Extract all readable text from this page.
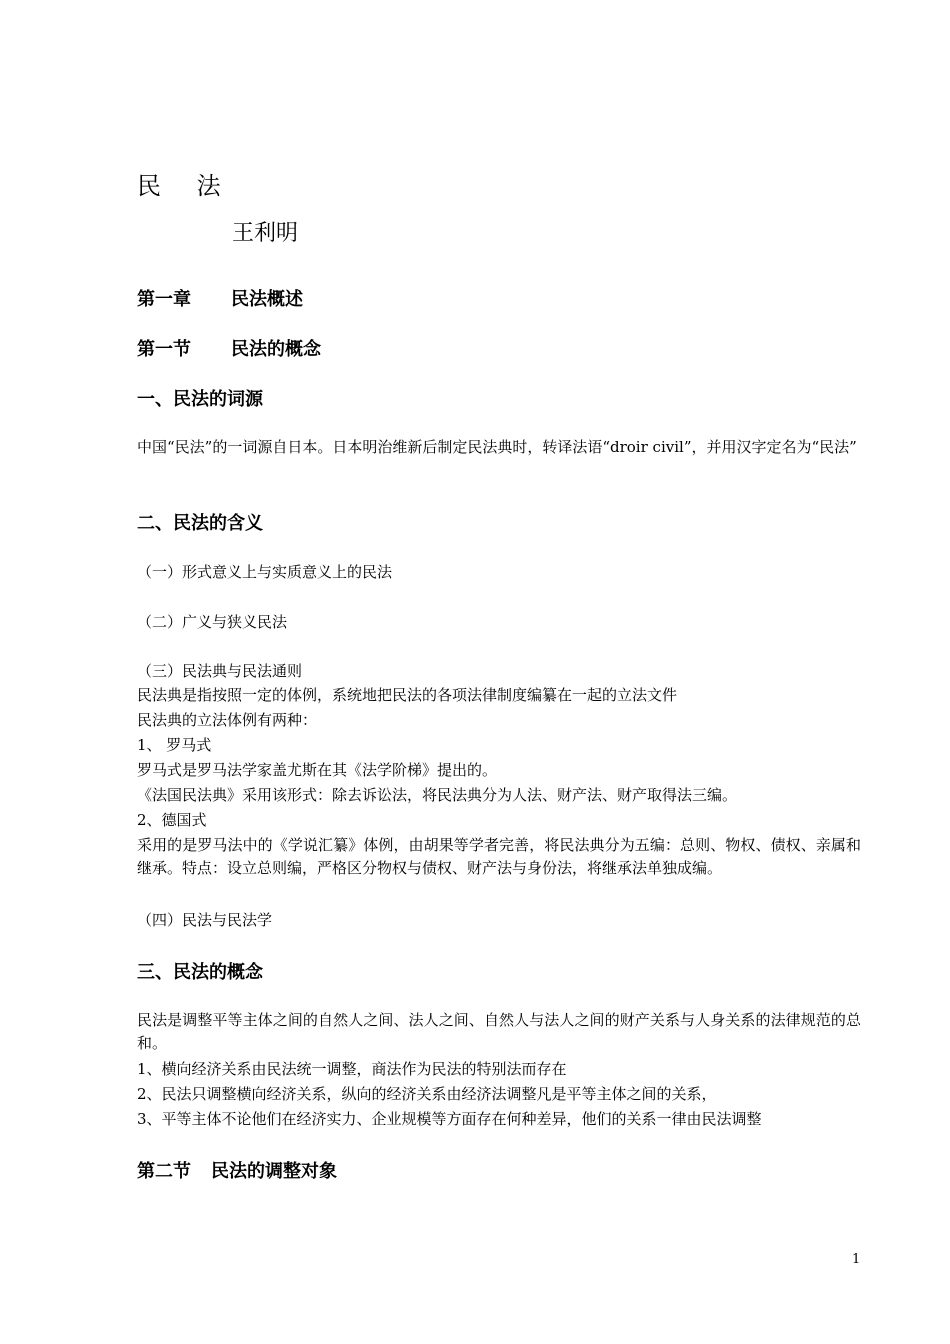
民 法
王利明
第一章 民法概述
第一节 民法的概念
一、民法的词源

中国“民法”的一词源自日本。日本明治维新后制定民法典时，转译法语“droir civil”，并用汉字定名为“民法”

二、民法的含义
（一）形式意义上与实质意义上的民法
（二）广义与狭义民法
（三）民法典与民法通则
民法典是指按照一定的体例，系统地把民法的各项法律制度编纂在一起的立法文件
民法典的立法体例有两种：
1、 罗马式
罗马式是罗马法学家盖尤斯在其《法学阶梯》提出的。
《法国民法典》采用该形式：除去诉讼法，将民法典分为人法、财产法、财产取得法三编。
2、德国式

采用的是罗马法中的《学说汇纂》体例，由胡果等学者完善，将民法典分为五编：总则、物权、债权、亲属和继承。特点：设立总则编，严格区分物权与债权、财产法与身份法，将继承法单独成编。

（四）民法与民法学
三、民法的概念

民法是调整平等主体之间的自然人之间、法人之间、自然人与法人之间的财产关系与人身关系的法律规范的总和。

1、横向经济关系由民法统一调整，商法作为民法的特别法而存在
2、民法只调整横向经济关系，纵向的经济关系由经济法调整凡是平等主体之间的关系，
3、平等主体不论他们在经济实力、企业规模等方面存在何种差异，他们的关系一律由民法调整
第二节 民法的调整对象
1
